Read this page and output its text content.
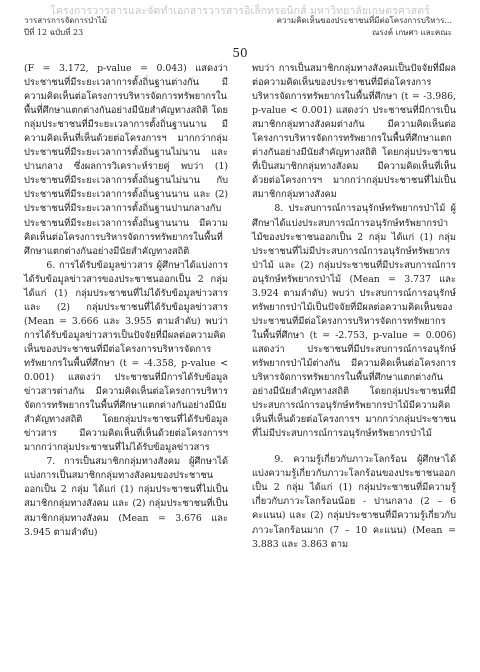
โครงการวารสารและจัดทำเอกสารวารสารอิเล็กทรอนิกส์ มหาวิทยาลัยเกษตรศาสตร์
วารสารการจัดการป่าไม้
ปีที่ 12 ฉบับที่ 23
ความคิดเห็นของประชาชนที่มีต่อโครงการบริหาร...
ณรงค์ เกษศา และคณะ
50

(F = 3.172, p-value = 0.043) แสดงว่า ประชาชนที่มีระยะเวลาการตั้งถิ่นฐานต่างกัน มีความคิดเห็นต่อโครงการบริหารจัดการทรัพยากรในพื้นที่ศึกษาแตกต่างกันอย่างมีนัยสำคัญทางสถิติ โดยกลุ่มประชาชนที่มีระยะเวลาการตั้งถิ่นฐานนาน มีความคิดเห็นที่เห็นด้วยต่อโครงการฯ มากกว่ากลุ่มประชาชนที่มีระยะเวลาการตั้งถิ่นฐานไม่นาน และปานกลาง ซึ่งผลการวิเคราะห์รายคู่ พบว่า (1) ประชาชนที่มีระยะเวลาการตั้งถิ่นฐานไม่นาน กับประชาชนที่มีระยะเวลาการตั้งถิ่นฐานนาน และ (2) ประชาชนที่มีระยะเวลาการตั้งถิ่นฐานปานกลางกับประชาชนที่มีระยะเวลาการตั้งถิ่นฐานนาน มีความคิดเห็นต่อโครงการบริหารจัดการทรัพยากรในพื้นที่ศึกษาแตกต่างกันอย่างมีนัยสำคัญทางสถิติ

6. การได้รับข้อมูลข่าวสาร ผู้ศึกษาได้แบ่งการได้รับข้อมูลข่าวสารของประชาชนออกเป็น 2 กลุ่ม ได้แก่ (1) กลุ่มประชาชนที่ไม่ได้รับข้อมูลข่าวสาร และ (2) กลุ่มประชาชนที่ได้รับข้อมูลข่าวสาร (Mean = 3.666 และ 3.955 ตามลำดับ) พบว่า การได้รับข้อมูลข่าวสารเป็นปัจจัยที่มีผลต่อความคิดเห็นของประชาชนที่มีต่อโครงการบริหารจัดการทรัพยากรในพื้นที่ศึกษา (t = -4.358, p-value < 0.001) แสดงว่า ประชาชนที่มีการได้รับข้อมูลข่าวสารต่างกัน มีความคิดเห็นต่อโครงการบริหารจัดการทรัพยากรในพื้นที่ศึกษาแตกต่างกันอย่างมีนัยสำคัญทางสถิติ โดยกลุ่มประชาชนที่ได้รับข้อมูลข่าวสาร มีความคิดเห็นที่เห็นด้วยต่อโครงการฯ มากกว่ากลุ่มประชาชนที่ไม่ได้รับข้อมูลข่าวสาร

7. การเป็นสมาชิกกลุ่มทางสังคม ผู้ศึกษาได้แบ่งการเป็นสมาชิกกลุ่มทางสังคมของประชาชนออกเป็น 2 กลุ่ม ได้แก่ (1) กลุ่มประชาชนที่ไม่เป็นสมาชิกกลุ่มทางสังคม และ (2) กลุ่มประชาชนที่เป็นสมาชิกกลุ่มทางสังคม (Mean = 3.676 และ 3.945 ตามลำดับ)

พบว่า การเป็นสมาชิกกลุ่มทางสังคมเป็นปัจจัยที่มีผลต่อความคิดเห็นของประชาชนที่มีต่อโครงการบริหารจัดการทรัพยากรในพื้นที่ศึกษา (t = -3.986, p-value < 0.001) แสดงว่า ประชาชนที่มีการเป็นสมาชิกกลุ่มทางสังคมต่างกัน มีความคิดเห็นต่อโครงการบริหารจัดการทรัพยากรในพื้นที่ศึกษาแตกต่างกันอย่างมีนัยสำคัญทางสถิติ โดยกลุ่มประชาชนที่เป็นสมาชิกกลุ่มทางสังคม มีความคิดเห็นที่เห็นด้วยต่อโครงการฯ มากกว่ากลุ่มประชาชนที่ไม่เป็นสมาชิกกลุ่มทางสังคม

8. ประสบการณ์การอนุรักษ์ทรัพยากรป่าไม้ ผู้ศึกษาได้แบ่งประสบการณ์การอนุรักษ์ทรัพยากรป่าไม้ของประชาชนออกเป็น 2 กลุ่ม ได้แก่ (1) กลุ่มประชาชนที่ไม่มีประสบการณ์การอนุรักษ์ทรัพยากรป่าไม้ และ (2) กลุ่มประชาชนที่มีประสบการณ์การอนุรักษ์ทรัพยากรป่าไม้ (Mean = 3.737 และ 3.924 ตามลำดับ) พบว่า ประสบการณ์การอนุรักษ์ทรัพยากรป่าไม้เป็นปัจจัยที่มีผลต่อความคิดเห็นของประชาชนที่มีต่อโครงการบริหารจัดการทรัพยากรในพื้นที่ศึกษา (t = -2.753, p-value = 0.006) แสดงว่า ประชาชนที่มีประสบการณ์การอนุรักษ์ทรัพยากรป่าไม้ต่างกัน มีความคิดเห็นต่อโครงการบริหารจัดการทรัพยากรในพื้นที่ศึกษาแตกต่างกันอย่างมีนัยสำคัญทางสถิติ โดยกลุ่มประชาชนที่มีประสบการณ์การอนุรักษ์ทรัพยากรป่าไม้มีความคิดเห็นที่เห็นด้วยต่อโครงการฯ มากกว่ากลุ่มประชาชนที่ไม่มีประสบการณ์การอนุรักษ์ทรัพยากรป่าไม้

9. ความรู้เกี่ยวกับภาวะโลกร้อน ผู้ศึกษาได้แบ่งความรู้เกี่ยวกับภาวะโลกร้อนของประชาชนออกเป็น 2 กลุ่ม ได้แก่ (1) กลุ่มประชาชนที่มีความรู้เกี่ยวกับภาวะโลกร้อนน้อย - ปานกลาง (2 – 6 คะแนน) และ (2) กลุ่มประชาชนที่มีความรู้เกี่ยวกับภาวะโลกร้อนมาก (7 – 10 คะแนน) (Mean = 3.883 และ 3.863 ตาม
